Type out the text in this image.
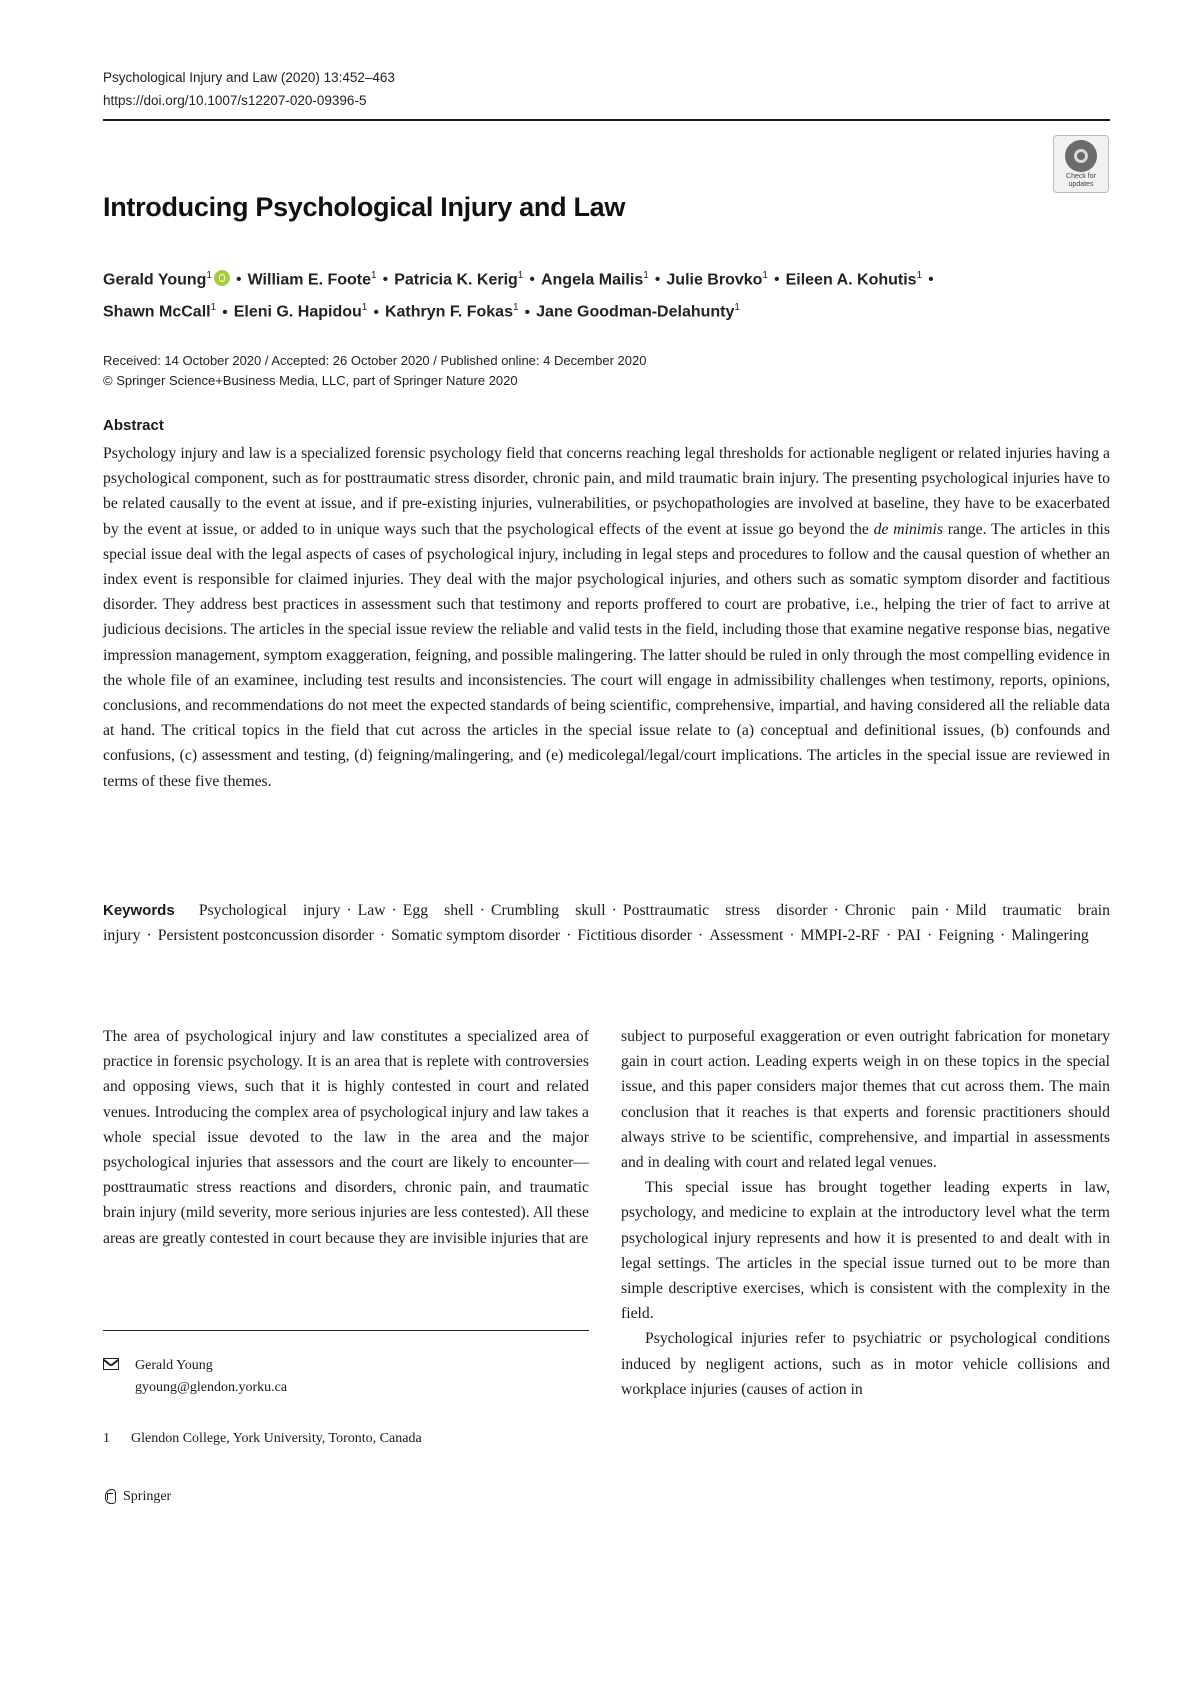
Psychological Injury and Law (2020) 13:452–463
https://doi.org/10.1007/s12207-020-09396-5
Check for updates
Introducing Psychological Injury and Law
Gerald Young$^1$ • William E. Foote$^1$ • Patricia K. Kerig$^1$ • Angela Mailis$^1$ • Julie Brovko$^1$ • Eileen A. Kohutis$^1$ •
Shawn McCall$^1$ • Eleni G. Hapidou$^1$ • Kathryn F. Fokas$^1$ • Jane Goodman-Delahunty$^1$
Received: 14 October 2020 / Accepted: 26 October 2020 / Published online: 4 December 2020
© Springer Science+Business Media, LLC, part of Springer Nature 2020
Abstract

Psychology injury and law is a specialized forensic psychology field that concerns reaching legal thresholds for actionable negligent or related injuries having a psychological component, such as for posttraumatic stress disorder, chronic pain, and mild traumatic brain injury. The presenting psychological injuries have to be related causally to the event at issue, and if pre-existing injuries, vulnerabilities, or psychopathologies are involved at baseline, they have to be exacerbated by the event at issue, or added to in unique ways such that the psychological effects of the event at issue go beyond the de minimis range. The articles in this special issue deal with the legal aspects of cases of psychological injury, including in legal steps and procedures to follow and the causal question of whether an index event is responsible for claimed injuries. They deal with the major psychological injuries, and others such as somatic symptom disorder and factitious disorder. They address best practices in assessment such that testimony and reports proffered to court are probative, i.e., helping the trier of fact to arrive at judicious decisions. The articles in the special issue review the reliable and valid tests in the field, including those that examine negative response bias, negative impression management, symptom exaggeration, feigning, and possible malingering. The latter should be ruled in only through the most compelling evidence in the whole file of an examinee, including test results and inconsistencies. The court will engage in admissibility challenges when testimony, reports, opinions, conclusions, and recommendations do not meet the expected standards of being scientific, comprehensive, impartial, and having considered all the reliable data at hand. The critical topics in the field that cut across the articles in the special issue relate to (a) conceptual and definitional issues, (b) confounds and confusions, (c) assessment and testing, (d) feigning/malingering, and (e) medicolegal/legal/court implications. The articles in the special issue are reviewed in terms of these five themes.

Keywords Psychological injury · Law · Egg shell · Crumbling skull · Posttraumatic stress disorder · Chronic pain · Mild traumatic brain injury · Persistent postconcussion disorder · Somatic symptom disorder · Fictitious disorder · Assessment · MMPI-2-RF · PAI · Feigning · Malingering

The area of psychological injury and law constitutes a specialized area of practice in forensic psychology. It is an area that is replete with controversies and opposing views, such that it is highly contested in court and related venues. Introducing the complex area of psychological injury and law takes a whole special issue devoted to the law in the area and the major psychological injuries that assessors and the court are likely to encounter—posttraumatic stress reactions and disorders, chronic pain, and traumatic brain injury (mild severity, more serious injuries are less contested). All these areas are greatly contested in court because they are invisible injuries that are

subject to purposeful exaggeration or even outright fabrication for monetary gain in court action. Leading experts weigh in on these topics in the special issue, and this paper considers major themes that cut across them. The main conclusion that it reaches is that experts and forensic practitioners should always strive to be scientific, comprehensive, and impartial in assessments and in dealing with court and related legal venues.

This special issue has brought together leading experts in law, psychology, and medicine to explain at the introductory level what the term psychological injury represents and how it is presented to and dealt with in legal settings. The articles in the special issue turned out to be more than simple descriptive exercises, which is consistent with the complexity in the field.

Psychological injuries refer to psychiatric or psychological conditions induced by negligent actions, such as in motor vehicle collisions and workplace injuries (causes of action in

Gerald Young
gyoung@glendon.yorku.ca
1	Glendon College, York University, Toronto, Canada
Springer
